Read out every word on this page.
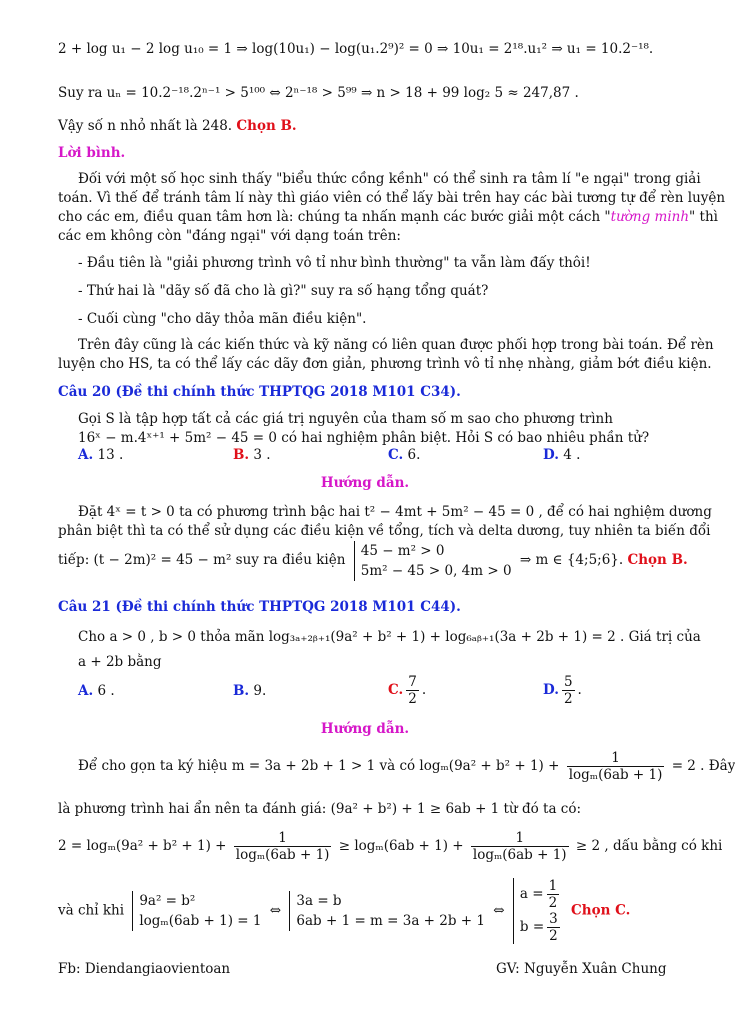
2 + log u₁ − 2 log u₁₀ = 1 ⇒ log(10u₁) − log(u₁.2⁹)² = 0 ⇒ 10u₁ = 2¹⁸.u₁² ⇒ u₁ = 10.2⁻¹⁸.
Suy ra uₙ = 10.2⁻¹⁸.2ⁿ⁻¹ > 5¹⁰⁰ ⇔ 2ⁿ⁻¹⁸ > 5⁹⁹ ⇒ n > 18 + 99 log₂ 5 ≈ 247,87 .
Vậy số n nhỏ nhất là 248. Chọn B.
Lời bình.
Đối với một số học sinh thấy "biểu thức cồng kềnh" có thể sinh ra tâm lí "e ngại" trong giải
toán. Vì thế để tránh tâm lí này thì giáo viên có thể lấy bài trên hay các bài tương tự để rèn luyện
cho các em, điều quan tâm hơn là: chúng ta nhấn mạnh các bước giải một cách "tường minh" thì
các em không còn "đáng ngại" với dạng toán trên:
- Đầu tiên là "giải phương trình vô tỉ như bình thường" ta vẫn làm đấy thôi!
- Thứ hai là "dãy số đã cho là gì?" suy ra số hạng tổng quát?
- Cuối cùng "cho dãy thỏa mãn điều kiện".
Trên đây cũng là các kiến thức và kỹ năng có liên quan được phối hợp trong bài toán. Để rèn
luyện cho HS, ta có thể lấy các dãy đơn giản, phương trình vô tỉ nhẹ nhàng, giảm bớt điều kiện.
Câu 20 (Đề thi chính thức THPTQG 2018 M101 C34).
Gọi S là tập hợp tất cả các giá trị nguyên của tham số m sao cho phương trình
16ˣ − m.4ˣ⁺¹ + 5m² − 45 = 0 có hai nghiệm phân biệt. Hỏi S có bao nhiêu phần tử?
A. 13 .	B. 3 .	C. 6.	D. 4 .
Hướng dẫn.
Đặt 4ˣ = t > 0 ta có phương trình bậc hai t² − 4mt + 5m² − 45 = 0 , để có hai nghiệm dương
phân biệt thì ta có thể sử dụng các điều kiện về tổng, tích và delta dương, tuy nhiên ta biến đổi
tiếp: (t − 2m)² = 45 − m² suy ra điều kiện
45 − m² > 0
5m² − 45 > 0, 4m > 0
⇒ m ∈ {4;5;6}. Chọn B.
Câu 21 (Đề thi chính thức THPTQG 2018 M101 C44).
Cho a > 0 , b > 0 thỏa mãn log₃ₐ₊₂ᵦ₊₁(9a² + b² + 1) + log₆ₐᵦ₊₁(3a + 2b + 1) = 2 . Giá trị của
a + 2b bằng
A. 6 .	B. 9.	C. $\frac{7}{2}$ .	D. $\frac{5}{2}$ .
Hướng dẫn.
Để cho gọn ta ký hiệu m = 3a + 2b + 1 > 1 và có $\log_m(9a^2 + b^2 + 1) + \frac{1}{\text{logₘ(6ab + 1)}} = 2$ . Đây
là phương trình hai ẩn nên ta đánh giá: (9a² + b²) + 1 ≥ 6ab + 1 từ đó ta có:
$2 = \log_m(9a^2 + b^2 + 1) + \frac{1}{\text{logₘ(6ab + 1)}} \ge \log_m(6ab + 1) + \frac{1}{\text{logₘ(6ab + 1)}} \ge 2$ , dấu bằng có khi
và chỉ khi
9a² = b²
logₘ(6ab + 1) = 1
⇔
3a = b
6ab + 1 = m = 3a + 2b + 1
⇔
$a = \frac{1}{2}$
$b = \frac{3}{2}$
Chọn C.
Fb: Diendangiaovientoan	GV: Nguyễn Xuân Chung
